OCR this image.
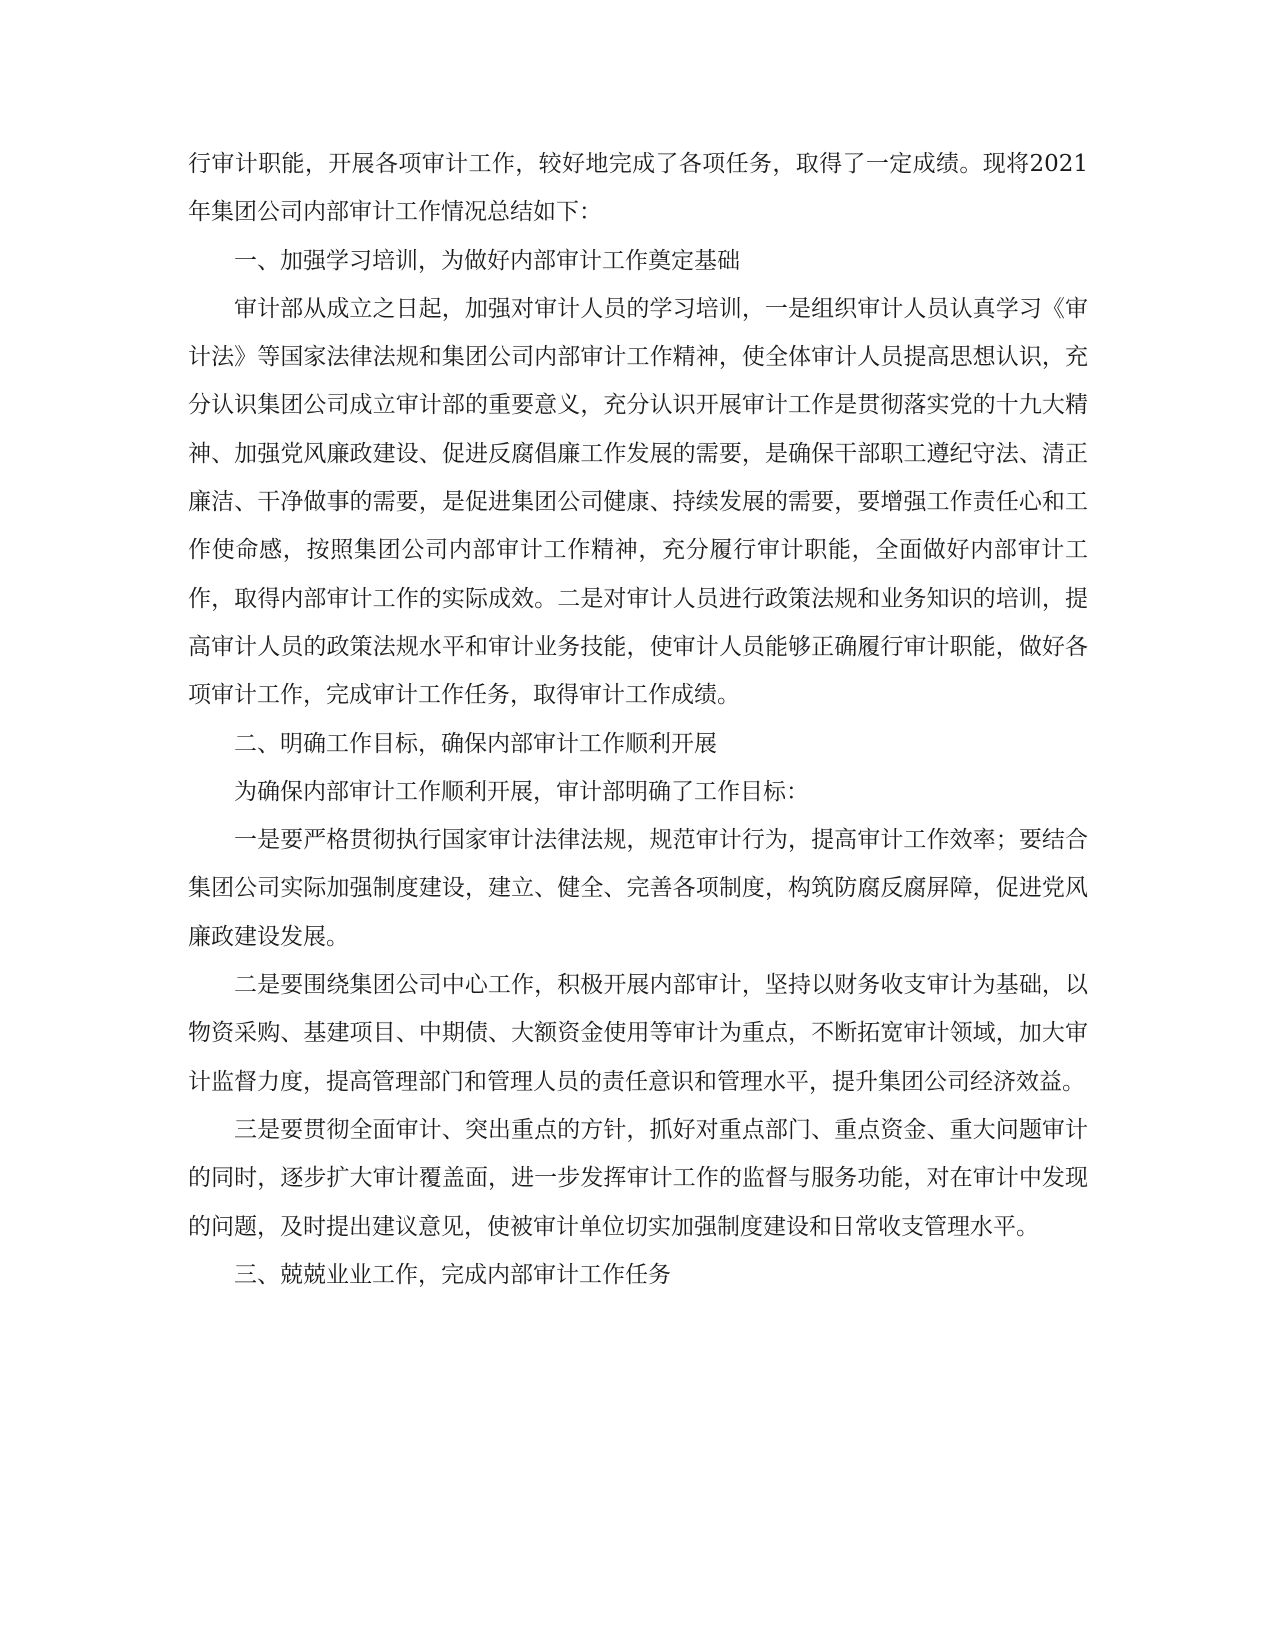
行审计职能，开展各项审计工作，较好地完成了各项任务，取得了一定成绩。现将2021年集团公司内部审计工作情况总结如下：

一、加强学习培训，为做好内部审计工作奠定基础

审计部从成立之日起，加强对审计人员的学习培训，一是组织审计人员认真学习《审计法》等国家法律法规和集团公司内部审计工作精神，使全体审计人员提高思想认识，充分认识集团公司成立审计部的重要意义，充分认识开展审计工作是贯彻落实党的十九大精神、加强党风廉政建设、促进反腐倡廉工作发展的需要，是确保干部职工遵纪守法、清正廉洁、干净做事的需要，是促进集团公司健康、持续发展的需要，要增强工作责任心和工作使命感，按照集团公司内部审计工作精神，充分履行审计职能，全面做好内部审计工作，取得内部审计工作的实际成效。二是对审计人员进行政策法规和业务知识的培训，提高审计人员的政策法规水平和审计业务技能，使审计人员能够正确履行审计职能，做好各项审计工作，完成审计工作任务，取得审计工作成绩。

二、明确工作目标，确保内部审计工作顺利开展

为确保内部审计工作顺利开展，审计部明确了工作目标：

一是要严格贯彻执行国家审计法律法规，规范审计行为，提高审计工作效率；要结合集团公司实际加强制度建设，建立、健全、完善各项制度，构筑防腐反腐屏障，促进党风廉政建设发展。

二是要围绕集团公司中心工作，积极开展内部审计，坚持以财务收支审计为基础，以物资采购、基建项目、中期债、大额资金使用等审计为重点，不断拓宽审计领域，加大审计监督力度，提高管理部门和管理人员的责任意识和管理水平，提升集团公司经济效益。

三是要贯彻全面审计、突出重点的方针，抓好对重点部门、重点资金、重大问题审计的同时，逐步扩大审计覆盖面，进一步发挥审计工作的监督与服务功能，对在审计中发现的问题，及时提出建议意见，使被审计单位切实加强制度建设和日常收支管理水平。

三、兢兢业业工作，完成内部审计工作任务
